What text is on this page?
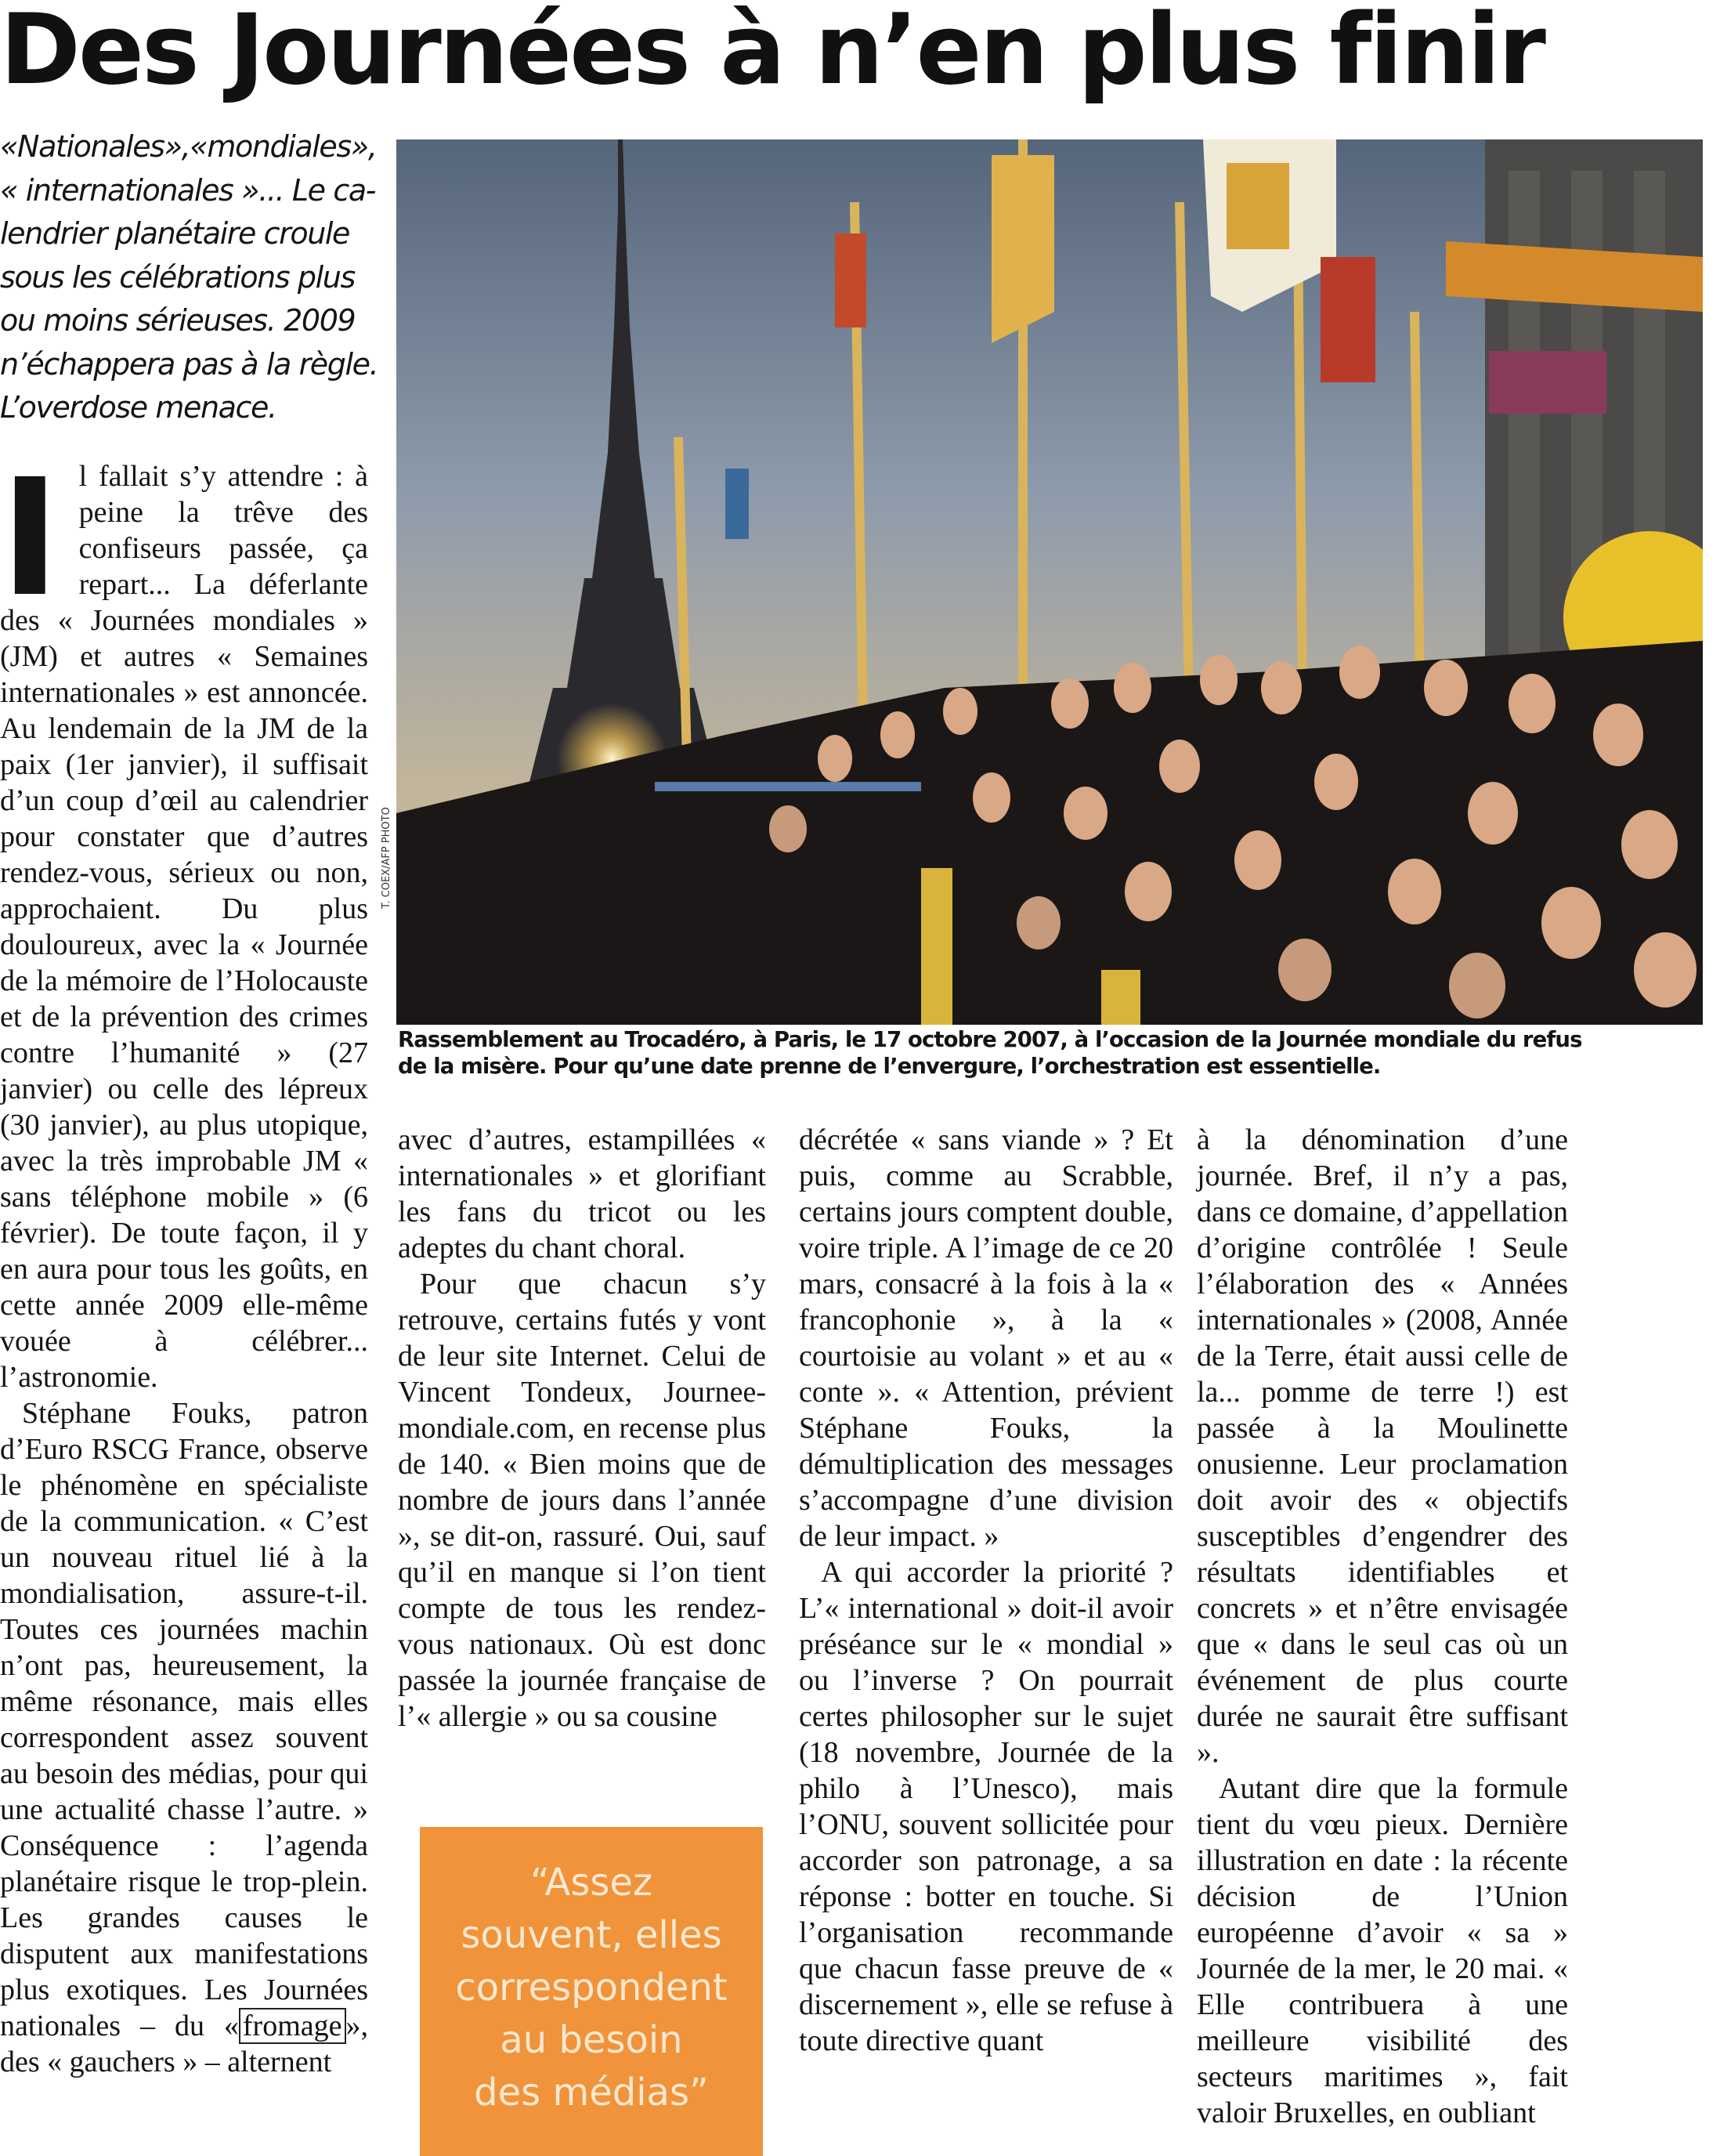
Des Journées à n’en plus finir
«Nationales»,«mondiales»,
« internationales »... Le ca-
lendrier planétaire croule
sous les célébrations plus
ou moins sérieuses. 2009
n’échappera pas à la règle.
L’overdose menace.

Il fallait s’y attendre : à peine la trêve des confiseurs passée, ça repart... La déferlante des « Journées mondiales » (JM) et autres « Semaines internationales » est annoncée. Au lendemain de la JM de la paix (1er janvier), il suffisait d’un coup d’œil au calendrier pour constater que d’autres rendez-vous, sérieux ou non, approchaient. Du plus douloureux, avec la « Journée de la mémoire de l’Holocauste et de la prévention des crimes contre l’humanité » (27 janvier) ou celle des lépreux (30 janvier), au plus utopique, avec la très improbable JM « sans téléphone mobile » (6 février). De toute façon, il y en aura pour tous les goûts, en cette année 2009 elle-même vouée à célébrer... l’astronomie.

Stéphane Fouks, patron d’Euro RSCG France, observe le phénomène en spécialiste de la communication. « C’est un nouveau rituel lié à la mondialisation, assure-t-il. Toutes ces journées machin n’ont pas, heureusement, la même résonance, mais elles correspondent assez souvent au besoin des médias, pour qui une actualité chasse l’autre. » Conséquence : l’agenda planétaire risque le trop-plein. Les grandes causes le disputent aux manifestations plus exotiques. Les Journées nationales – du « fromage », des « gauchers » – alternent

T. COEX/AFP PHOTO
Rassemblement au Trocadéro, à Paris, le 17 octobre 2007, à l’occasion de la Journée mondiale du refus
de la misère. Pour qu’une date prenne de l’envergure, l’orchestration est essentielle.

avec d’autres, estampillées « internationales » et glorifiant les fans du tricot ou les adeptes du chant choral.

Pour que chacun s’y retrouve, certains futés y vont de leur site Internet. Celui de Vincent Tondeux, Journee-mondiale.com, en recense plus de 140. « Bien moins que de nombre de jours dans l’année », se dit-on, rassuré. Oui, sauf qu’il en manque si l’on tient compte de tous les rendez-vous nationaux. Où est donc passée la journée française de l’« allergie » ou sa cousine

“Assez
souvent, elles
correspondent
au besoin
des médias”

décrétée « sans viande » ? Et puis, comme au Scrabble, certains jours comptent double, voire triple. A l’image de ce 20 mars, consacré à la fois à la « francophonie », à la « courtoisie au volant » et au « conte ». « Attention, prévient Stéphane Fouks, la démultiplication des messages s’accompagne d’une division de leur impact. »

A qui accorder la priorité ? L’« international » doit-il avoir préséance sur le « mondial » ou l’inverse ? On pourrait certes philosopher sur le sujet (18 novembre, Journée de la philo à l’Unesco), mais l’ONU, souvent sollicitée pour accorder son patronage, a sa réponse : botter en touche. Si l’organisation recommande que chacun fasse preuve de « discernement », elle se refuse à toute directive quant

à la dénomination d’une journée. Bref, il n’y a pas, dans ce domaine, d’appellation d’origine contrôlée ! Seule l’élaboration des « Années internationales » (2008, Année de la Terre, était aussi celle de la... pomme de terre !) est passée à la Moulinette onusienne. Leur proclamation doit avoir des « objectifs susceptibles d’engendrer des résultats identifiables et concrets » et n’être envisagée que « dans le seul cas où un événement de plus courte durée ne saurait être suffisant ».

Autant dire que la formule tient du vœu pieux. Dernière illustration en date : la récente décision de l’Union européenne d’avoir « sa » Journée de la mer, le 20 mai. « Elle contribuera à une meilleure visibilité des secteurs maritimes », fait valoir Bruxelles, en oubliant
